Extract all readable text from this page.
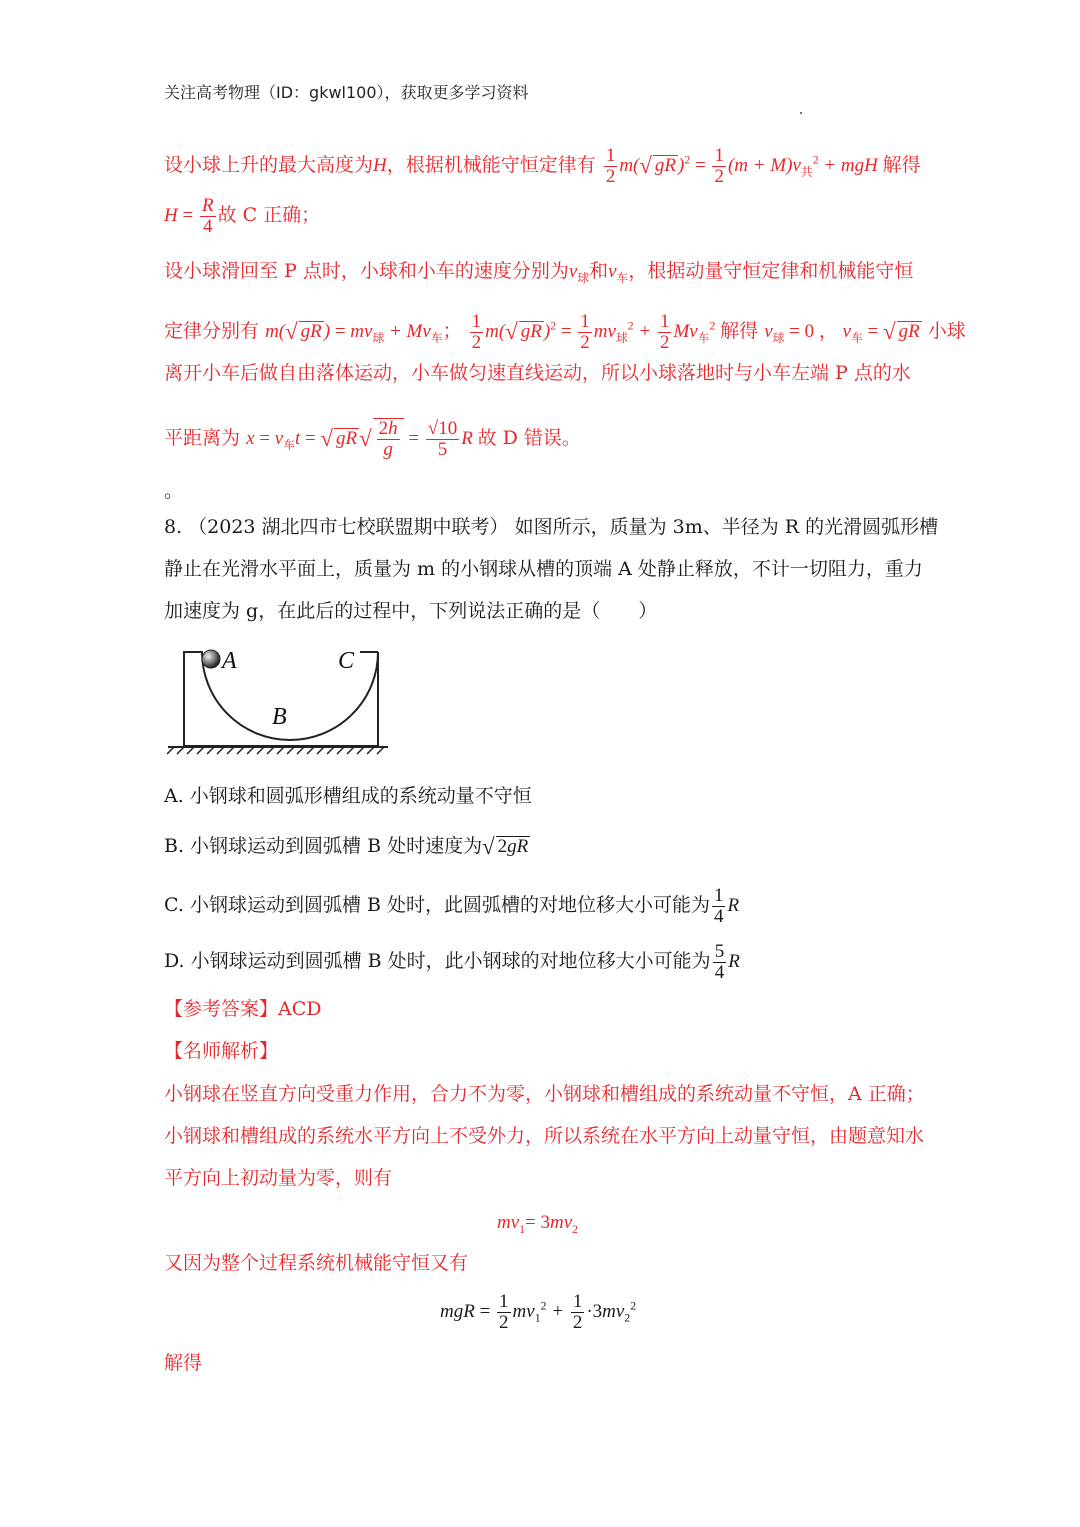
关注高考物理（ID：gkwl100），获取更多学习资料
设小球上升的最大高度为H，根据机械能守恒定律有 $\frac{1}{2} m(√$ gR )$^2 = \frac{1}{2} (m + M)v_共^2$ + mgH 解得
$H = \frac{R}{4}$ 故 C 正确；
设小球滑回至 P 点时，小球和小车的速度分别为$v_球$和$v_车$，根据动量守恒定律和机械能守恒
定律分别有 m(√ gR ) = $mv_球 + Mv_车$； $\frac{1}{2} m(√$ gR )$^2 = \frac{1}{2} mv_球^2 + \frac{1}{2} Mv_车^2$ 解得 $v_球 = 0$ ， $v_车$ = √ gR 小球
离开小车后做自由落体运动，小车做匀速直线运动，所以小球落地时与小车左端 P 点的水
平距离为 $x = v_车t$ = √ $gR√ \frac{2h}{g} = \frac{√10}{5}$ R 故 D 错误。
。
8. （2023 湖北四市七校联盟期中联考） 如图所示，质量为 3m、半径为 R 的光滑圆弧形槽
静止在光滑水平面上，质量为 m 的小钢球从槽的顶端 A 处静止释放，不计一切阻力，重力
加速度为 g，在此后的过程中，下列说法正确的是（　　）
A
B
C
A. 小钢球和圆弧形槽组成的系统动量不守恒
B. 小钢球运动到圆弧槽 B 处时速度为√ 2gR
C. 小钢球运动到圆弧槽 B 处时，此圆弧槽的对地位移大小可能为 $\frac{1}{4}$ R
D. 小钢球运动到圆弧槽 B 处时，此小钢球的对地位移大小可能为 $\frac{5}{4}$ R
【参考答案】ACD
【名师解析】
小钢球在竖直方向受重力作用，合力不为零，小钢球和槽组成的系统动量不守恒，A 正确；
小钢球和槽组成的系统水平方向上不受外力，所以系统在水平方向上动量守恒，由题意知水
平方向上初动量为零，则有
$mv_1= 3mv_2$
又因为整个过程系统机械能守恒又有
mgR = $\frac{1}{2} mv_1^2 + \frac{1}{2} \cdot 3mv_2^2$
解得
